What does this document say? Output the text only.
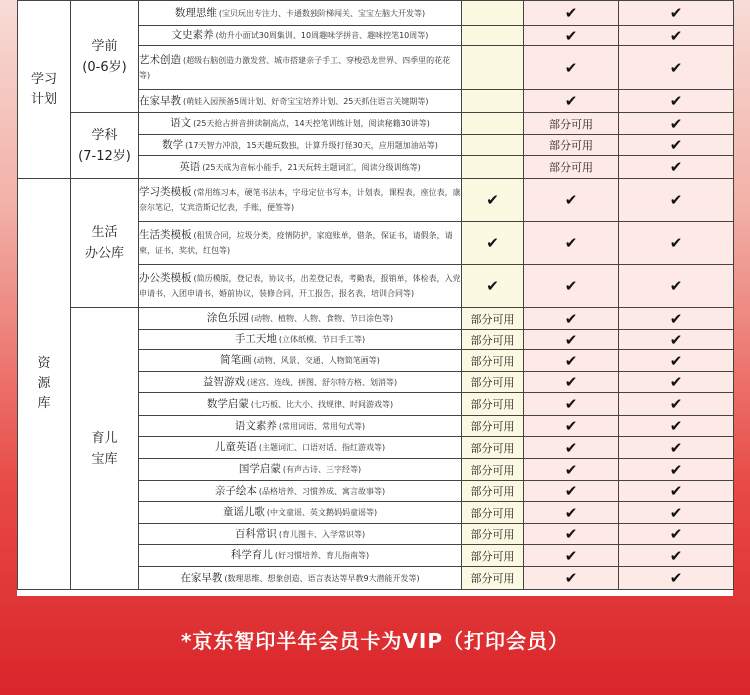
学习
计划	学前
(0-6岁)	数理思维 (宝贝玩出专注力、卡通数独阶梯闯关、宝宝左脑大开发等)		✔	✔
		文史素养 (幼升小面试30周集训、10周趣味学拼音、趣味控笔10周等)		✔	✔
		艺术创造 (超级右脑创造力激发营、城市搭建亲子手工、穿梭恐龙世界、四季里的花花等)		✔	✔
		在家早教 (萌娃入园预备5周计划、好奇宝宝培养计划、25天抓住语言关键期等)		✔	✔
	学科
(7-12岁)	语文 (25天抢占拼音拼读制高点，14天控笔训练计划，阅读秘籍30讲等)		部分可用	✔
		数学 (17天智力冲浪，15天趣玩数独，计算升级打怪30天，应用题加油站等)		部分可用	✔
		英语 (25天成为音标小能手，21天玩转主题词汇，阅读分级训练等)		部分可用	✔
资
源
库	生活
办公库	学习类模板 (常用练习本，硬笔书法本，字母定位书写本，计划表，课程表，座位表，康奈尔笔记，艾宾浩斯记忆表，手账，便签等)	✔	✔	✔
		生活类模板 (租赁合同，垃圾分类，疫情防护，家庭账单，借条，保证书，请假条，请柬，证书，奖状，红包等)	✔	✔	✔
		办公类模板 (简历模版，登记表，协议书，出差登记表，考勤表，报销单，体检表，入党申请书，入团申请书，婚前协议，装修合同，开工报告，报名表，培训合同等)	✔	✔	✔
	育儿
宝库	涂色乐园 (动物、植物、人物、食物、节日涂色等)	部分可用	✔	✔
		手工天地 (立体纸模、节日手工等)	部分可用	✔	✔
		简笔画 (动物、风景、交通、人物简笔画等)	部分可用	✔	✔
		益智游戏 (迷宫、连线、拼图、舒尔特方格、划消等)	部分可用	✔	✔
		数学启蒙 (七巧板、比大小、找规律、时间游戏等)	部分可用	✔	✔
		语文素养 (常用词语、常用句式等)	部分可用	✔	✔
		儿童英语 (主题词汇、口语对话、指红游戏等)	部分可用	✔	✔
		国学启蒙 (有声古诗、三字经等)	部分可用	✔	✔
		亲子绘本 (品格培养、习惯养成、寓言故事等)	部分可用	✔	✔
		童谣儿歌 (中文童谣、英文鹅妈妈童谣等)	部分可用	✔	✔
		百科常识 (育儿图卡、入学常识等)	部分可用	✔	✔
		科学育儿 (好习惯培养、育儿指南等)	部分可用	✔	✔
		在家早教 (数理思维、想象创造、语言表达等早教9大潜能开发等)	部分可用	✔	✔
*京东智印半年会员卡为VIP（打印会员）
